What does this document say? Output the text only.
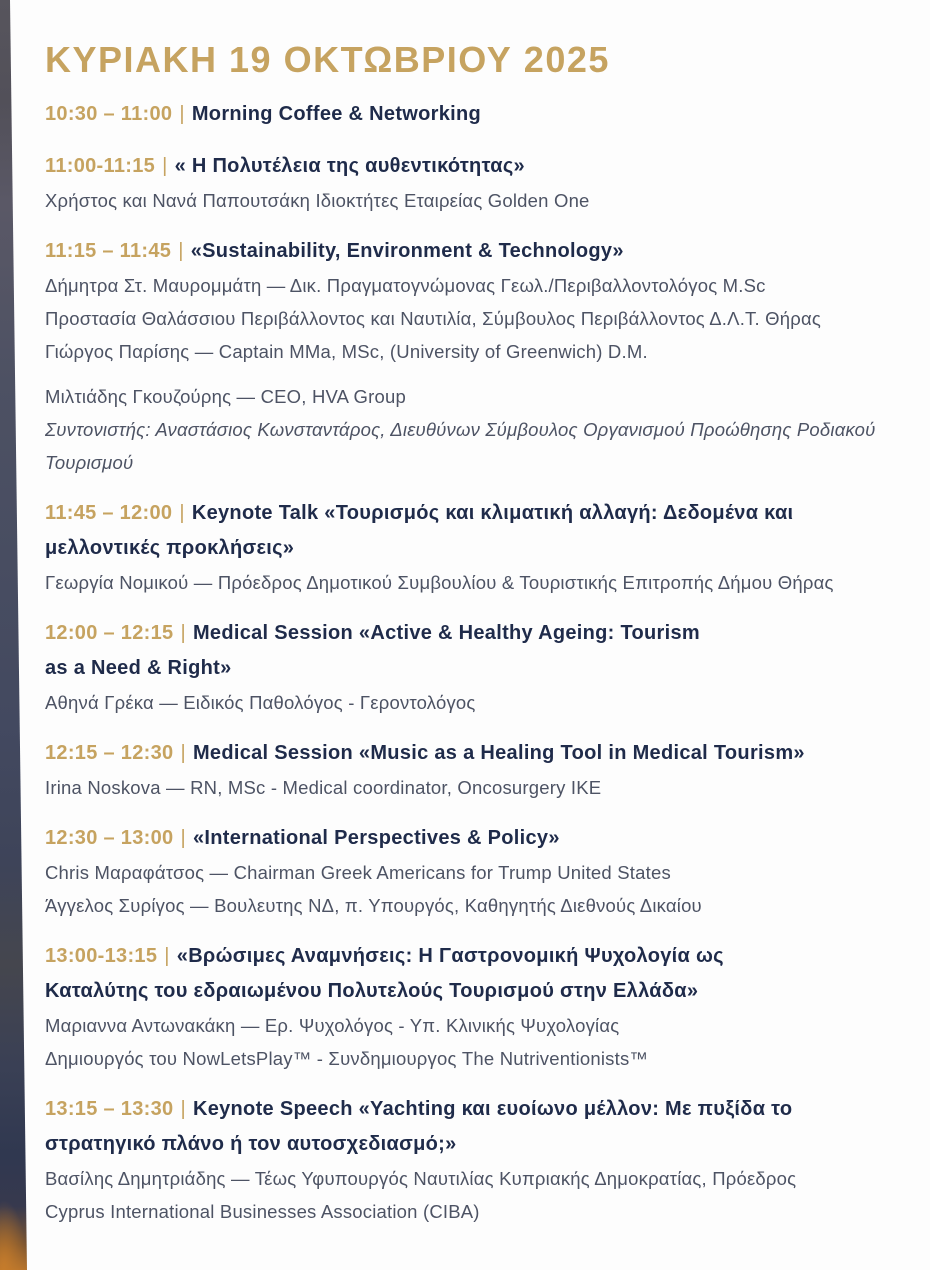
ΚΥΡΙΑΚΗ 19 ΟΚΤΩΒΡΙΟΥ 2025

10:30 – 11:00 | Morning Coffee & Networking

11:00-11:15 | « Η Πολυτέλεια της αυθεντικότητας»

Χρήστος και Νανά Παπουτσάκη Ιδιοκτήτες Εταιρείας Golden One

11:15 – 11:45 | «Sustainability, Environment & Technology»

Δήμητρα Στ. Μαυρομμάτη — Δικ. Πραγματογνώμονας Γεωλ./Περιβαλλοντολόγος M.Sc

Προστασία Θαλάσσιου Περιβάλλοντος και Ναυτιλία, Σύμβουλος Περιβάλλοντος Δ.Λ.Τ. Θήρας

Γιώργος Παρίσης — Captain MMa, MSc, (University of Greenwich) D.M.

Μιλτιάδης Γκουζούρης — CEO, HVA Group

Συντονιστής: Αναστάσιος Κωνσταντάρος, Διευθύνων Σύμβουλος Οργανισμού Προώθησης Ροδιακού

Τουρισμού

11:45 – 12:00 | Keynote Talk «Τουρισμός και κλιματική αλλαγή: Δεδομένα και

μελλοντικές προκλήσεις»

Γεωργία Νομικού — Πρόεδρος Δημοτικού Συμβουλίου & Τουριστικής Επιτροπής Δήμου Θήρας

12:00 – 12:15 | Medical Session «Active & Healthy Ageing: Tourism

as a Need & Right»

Αθηνά Γρέκα — Ειδικός Παθολόγος - Γεροντολόγος

12:15 – 12:30 | Medical Session «Music as a Healing Tool in Medical Tourism»

Irina Noskova — RN, MSc - Medical coordinator, Oncosurgery IKE

12:30 – 13:00 | «International Perspectives & Policy»

Chris Μαραφάτσος — Chairman Greek Americans for Trump United States

Άγγελος Συρίγος — Βουλευτης ΝΔ, π. Υπουργός, Καθηγητής Διεθνούς Δικαίου

13:00-13:15 | «Βρώσιμες Αναμνήσεις: Η Γαστρονομική Ψυχολογία ως

Καταλύτης του εδραιωμένου Πολυτελούς Τουρισμού στην Ελλάδα»

Μαριαννα Αντωνακάκη — Ερ. Ψυχολόγος - Υπ. Κλινικής Ψυχολογίας

Δημιουργός του NowLetsPlay™ - Συνδημιουργος The Nutriventionists™

13:15 – 13:30 | Keynote Speech «Yachting και ευοίωνο μέλλον: Με πυξίδα το

στρατηγικό πλάνο ή τον αυτοσχεδιασμό;»

Βασίλης Δημητριάδης — Τέως Υφυπουργός Ναυτιλίας Κυπριακής Δημοκρατίας, Πρόεδρος

Cyprus International Businesses Association (CIBA)
